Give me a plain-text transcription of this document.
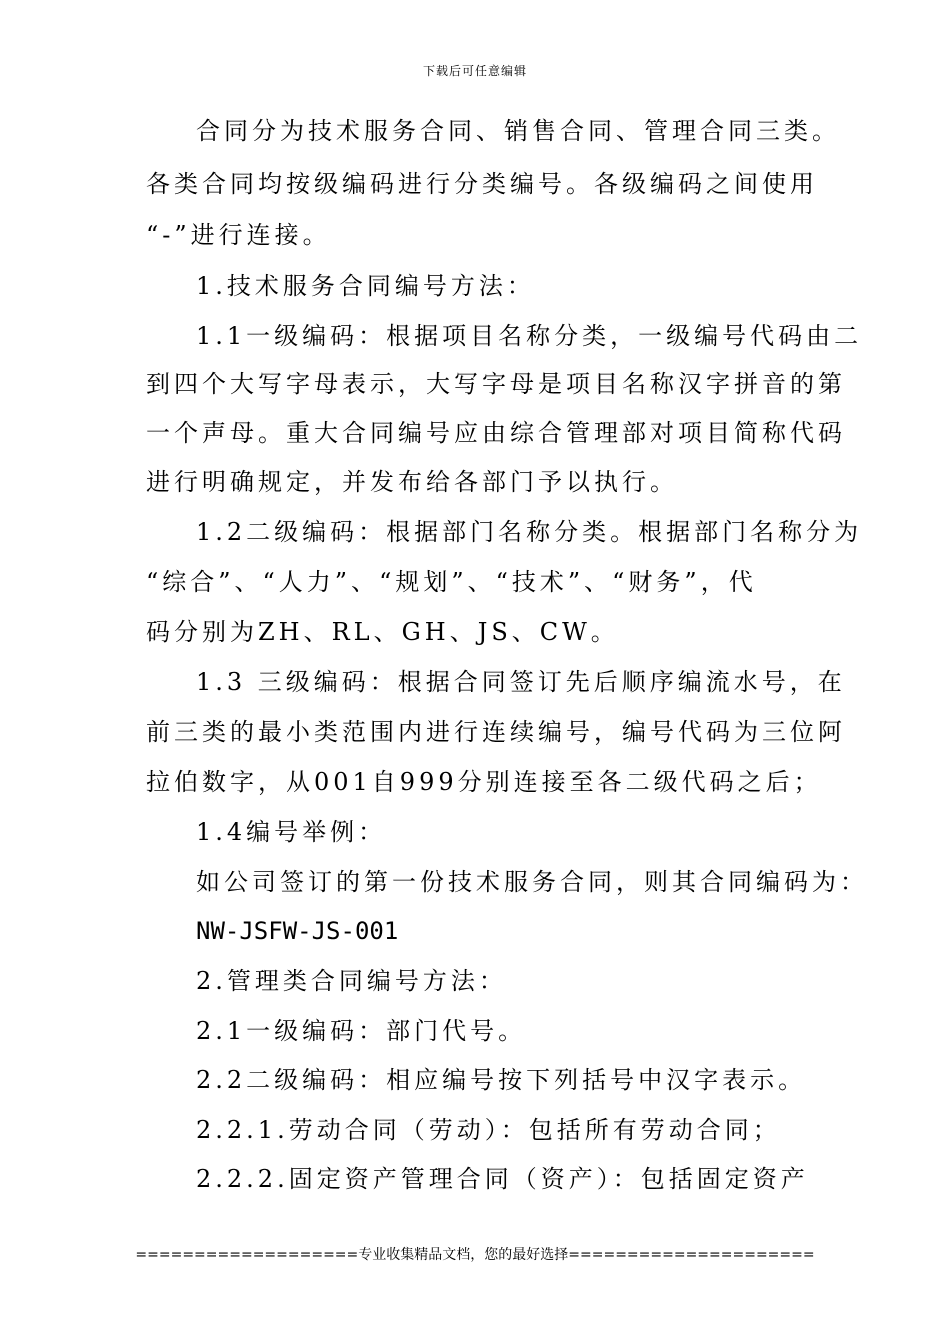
下载后可任意编辑
合同分为技术服务合同、销售合同、管理合同三类。
各类合同均按级编码进行分类编号。各级编码之间使用
“-”进行连接。
1.技术服务合同编号方法：
1.1一级编码：根据项目名称分类，一级编号代码由二
到四个大写字母表示，大写字母是项目名称汉字拼音的第
一个声母。重大合同编号应由综合管理部对项目简称代码
进行明确规定，并发布给各部门予以执行。
1.2二级编码：根据部门名称分类。根据部门名称分为
“综合”、“人力”、“规划”、“技术”、“财务”，代
码分别为ZH、RL、GH、JS、CW。
1.3 三级编码：根据合同签订先后顺序编流水号，在
前三类的最小类范围内进行连续编号，编号代码为三位阿
拉伯数字，从001自999分别连接至各二级代码之后；
1.4编号举例：
如公司签订的第一份技术服务合同，则其合同编码为：
NW-JSFW-JS-001
2.管理类合同编号方法：
2.1一级编码：部门代号。
2.2二级编码：相应编号按下列括号中汉字表示。
2.2.1.劳动合同（劳动）：包括所有劳动合同；
2.2.2.固定资产管理合同（资产）：包括固定资产
===================专业收集精品文档，您的最好选择=====================
